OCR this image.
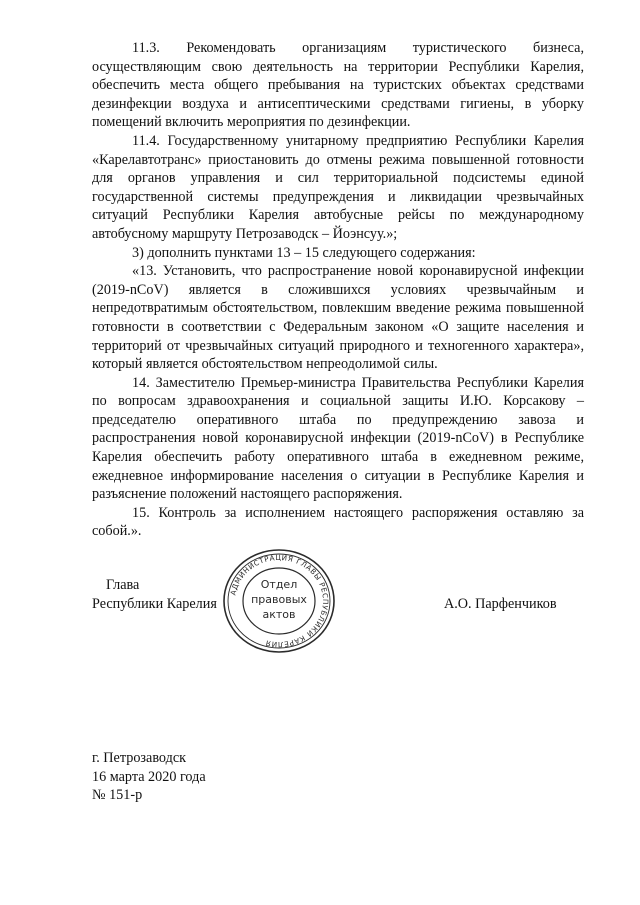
11.3. Рекомендовать организациям туристического бизнеса, осуществляющим свою деятельность на территории Республики Карелия, обеспечить места общего пребывания на туристских объектах средствами дезинфекции воздуха и антисептическими средствами гигиены, в уборку помещений включить мероприятия по дезинфекции.

11.4. Государственному унитарному предприятию Республики Карелия «Карелавтотранс» приостановить до отмены режима повышенной готовности для органов управления и сил территориальной подсистемы единой государственной системы предупреждения и ликвидации чрезвычайных ситуаций Республики Карелия автобусные рейсы по международному автобусному маршруту Петрозаводск – Йоэнсуу.»;

3) дополнить пунктами 13 – 15 следующего содержания:

«13. Установить, что распространение новой коронавирусной инфекции (2019-nCoV) является в сложившихся условиях чрезвычайным и непредотвратимым обстоятельством, повлекшим введение режима повышенной готовности в соответствии с Федеральным законом «О защите населения и территорий от чрезвычайных ситуаций природного и техногенного характера», который является обстоятельством непреодолимой силы.

14. Заместителю Премьер-министра Правительства Республики Карелия по вопросам здравоохранения и социальной защиты И.Ю. Корсакову – председателю оперативного штаба по предупреждению завоза и распространения новой коронавирусной инфекции (2019-nCoV) в Республике Карелия обеспечить работу оперативного штаба в ежедневном режиме, ежедневное информирование населения о ситуации в Республике Карелия и разъяснение положений настоящего распоряжения.

15. Контроль за исполнением настоящего распоряжения оставляю за собой.».

Глава
Республики Карелия	А.О. Парфенчиков
АДМИНИСТРАЦИЯ ГЛАВЫ РЕСПУБЛИКИ КАРЕЛИЯ
Отдел
правовых
актов
г. Петрозаводск
16 марта 2020 года
№ 151-р
